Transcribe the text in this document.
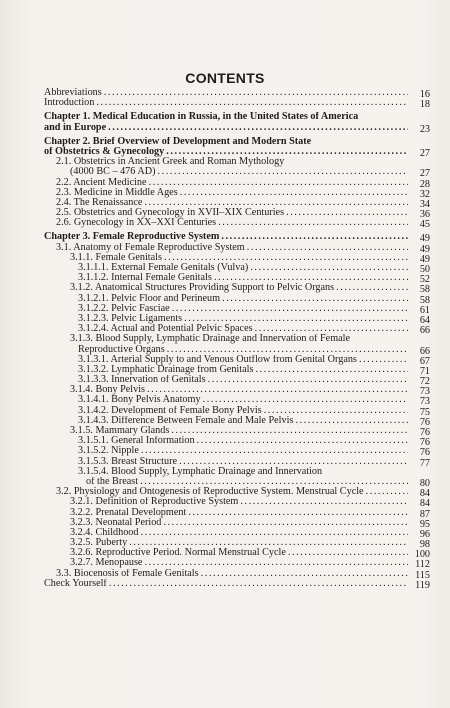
CONTENTS
Abbreviations . . .	16
Introduction . . .	18
Chapter 1. Medical Education in Russia, in the United States of America
and in Europe . . .	23
Chapter 2. Brief Overview of Development and Modern State
of Obstetrics & Gynecology . . .	27
2.1. Obstetrics in Ancient Greek and Roman Mythology
(4000 BC – 476 AD) . . .	27
2.2. Ancient Medicine . . .	28
2.3. Medicine in Middle Ages . . .	32
2.4. The Renaissance . . .	34
2.5. Obstetrics and Gynecology in XVII–XIX Centuries . . .	36
2.6. Gynecology in XX–XXI Centuries . . .	45
Chapter 3. Female Reproductive System . . .	49
3.1. Anatomy of Female Reproductive System . . .	49
3.1.1. Female Genitals . . .	49
3.1.1.1. External Female Genitals (Vulva) . . .	50
3.1.1.2. Internal Female Genitals . . .	52
3.1.2. Anatomical Structures Providing Support to Pelvic Organs . . .	58
3.1.2.1. Pelvic Floor and Perineum . . .	58
3.1.2.2. Pelvic Fasciae . . .	61
3.1.2.3. Pelvic Ligaments . . .	64
3.1.2.4. Actual and Potential Pelvic Spaces . . .	66
3.1.3. Blood Supply, Lymphatic Drainage and Innervation of Female
Reproductive Organs . . .	66
3.1.3.1. Arterial Supply to and Venous Outflow from Genital Organs . . .	67
3.1.3.2. Lymphatic Drainage from Genitals . . .	71
3.1.3.3. Innervation of Genitals . . .	72
3.1.4. Bony Pelvis . . .	73
3.1.4.1. Bony Pelvis Anatomy . . .	73
3.1.4.2. Development of Female Bony Pelvis . . .	75
3.1.4.3. Difference Between Female and Male Pelvis . . .	76
3.1.5. Mammary Glands . . .	76
3.1.5.1. General Information . . .	76
3.1.5.2. Nipple . . .	76
3.1.5.3. Breast Structure . . .	77
3.1.5.4. Blood Supply, Lymphatic Drainage and Innervation
of the Breast . . .	80
3.2. Physiology and Ontogenesis of Reproductive System. Menstrual Cycle . . .	84
3.2.1. Definition of Reproductive System . . .	84
3.2.2. Prenatal Development . . .	87
3.2.3. Neonatal Period . . .	95
3.2.4. Childhood . . .	96
3.2.5. Puberty . . .	98
3.2.6. Reproductive Period. Normal Menstrual Cycle . . .	100
3.2.7. Menopause . . .	112
3.3. Biocenosis of Female Genitals . . .	115
Check Yourself . . .	119
